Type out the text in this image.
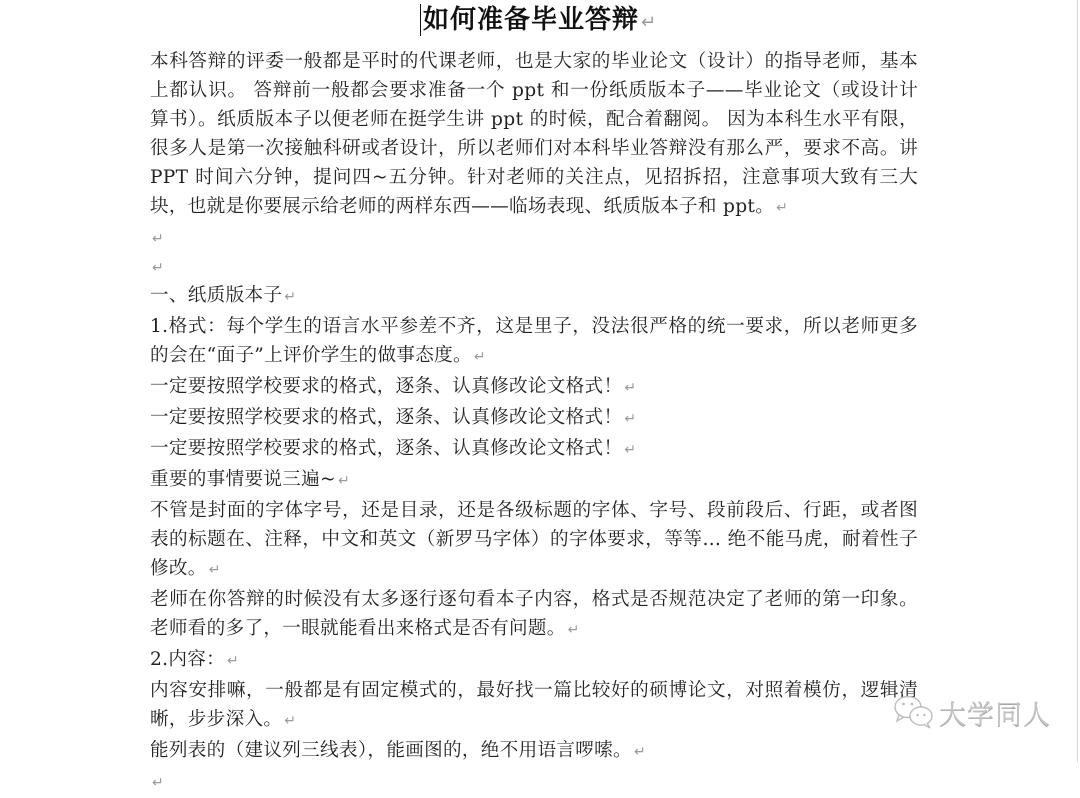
如何准备毕业答辩 ↵

本科答辩的评委一般都是平时的代课老师，也是大家的毕业论文（设计）的指导老师，基本上都认识。 答辩前一般都会要求准备一个 ppt 和一份纸质版本子——毕业论文（或设计计算书）。纸质版本子以便老师在挺学生讲 ppt 的时候，配合着翻阅。 因为本科生水平有限，很多人是第一次接触科研或者设计，所以老师们对本科毕业答辩没有那么严，要求不高。讲PPT 时间六分钟，提问四~五分钟。针对老师的关注点，见招拆招，注意事项大致有三大块，也就是你要展示给老师的两样东西——临场表现、纸质版本子和 ppt。 ↵

↵

↵

一、纸质版本子 ↵

1.格式：每个学生的语言水平参差不齐，这是里子，没法很严格的统一要求，所以老师更多的会在“面子”上评价学生的做事态度。 ↵

一定要按照学校要求的格式，逐条、认真修改论文格式！ ↵

一定要按照学校要求的格式，逐条、认真修改论文格式！ ↵

一定要按照学校要求的格式，逐条、认真修改论文格式！ ↵

重要的事情要说三遍~ ↵

不管是封面的字体字号，还是目录，还是各级标题的字体、字号、段前段后、行距，或者图表的标题在、注释，中文和英文（新罗马字体）的字体要求，等等… 绝不能马虎，耐着性子修改。 ↵

老师在你答辩的时候没有太多逐行逐句看本子内容，格式是否规范决定了老师的第一印象。老师看的多了，一眼就能看出来格式是否有问题。 ↵

2.内容： ↵

内容安排嘛，一般都是有固定模式的，最好找一篇比较好的硕博论文，对照着模仿，逻辑清晰，步步深入。 ↵

能列表的（建议列三线表），能画图的，绝不用语言啰嗦。 ↵

↵

大学同人
